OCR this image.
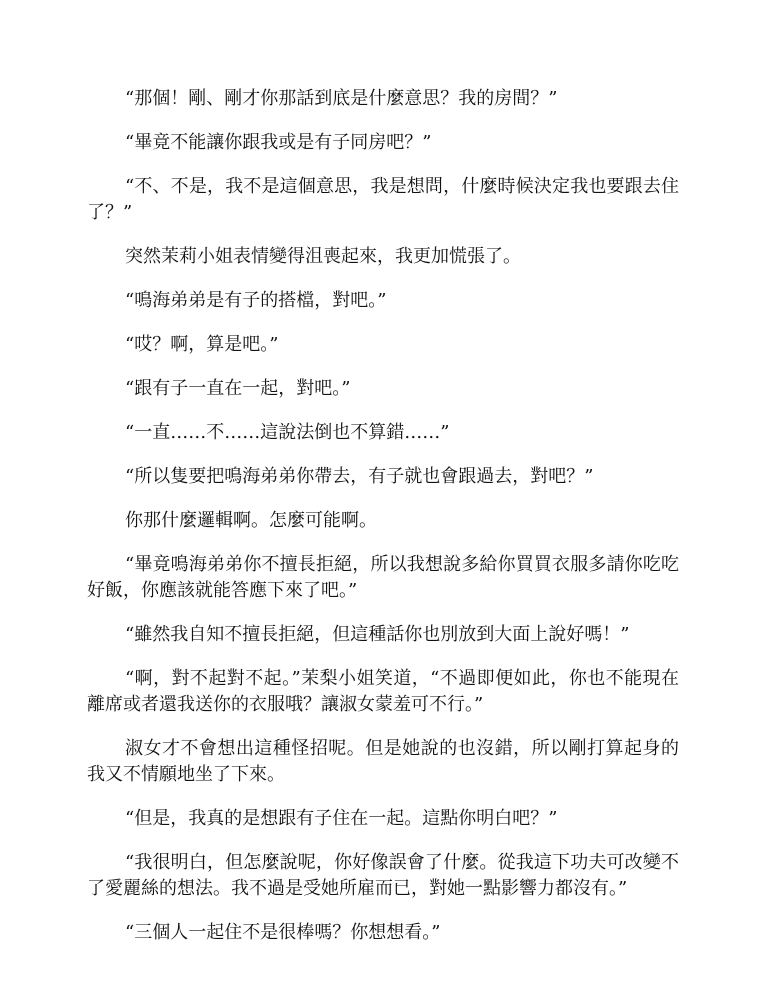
“那個！剛、剛才你那話到底是什麼意思？我的房間？”

“畢竟不能讓你跟我或是有子同房吧？”

“不、不是，我不是這個意思，我是想問，什麼時候決定我也要跟去住了？”

突然茉莉小姐表情變得沮喪起來，我更加慌張了。

“鳴海弟弟是有子的搭檔，對吧。”

“哎？啊，算是吧。”

“跟有子一直在一起，對吧。”

“一直……不……這說法倒也不算錯……”

“所以隻要把鳴海弟弟你帶去，有子就也會跟過去，對吧？”

你那什麼邏輯啊。怎麼可能啊。

“畢竟鳴海弟弟你不擅長拒絕，所以我想說多給你買買衣服多請你吃吃好飯，你應該就能答應下來了吧。”

“雖然我自知不擅長拒絕，但這種話你也別放到大面上說好嗎！”

“啊，對不起對不起。”茉梨小姐笑道，“不過即便如此，你也不能現在離席或者還我送你的衣服哦？讓淑女蒙羞可不行。”

淑女才不會想出這種怪招呢。但是她說的也沒錯，所以剛打算起身的我又不情願地坐了下來。

“但是，我真的是想跟有子住在一起。這點你明白吧？”

“我很明白，但怎麼說呢，你好像誤會了什麼。從我這下功夫可改變不了愛麗絲的想法。我不過是受她所雇而已，對她一點影響力都沒有。”

“三個人一起住不是很棒嗎？你想想看。”
